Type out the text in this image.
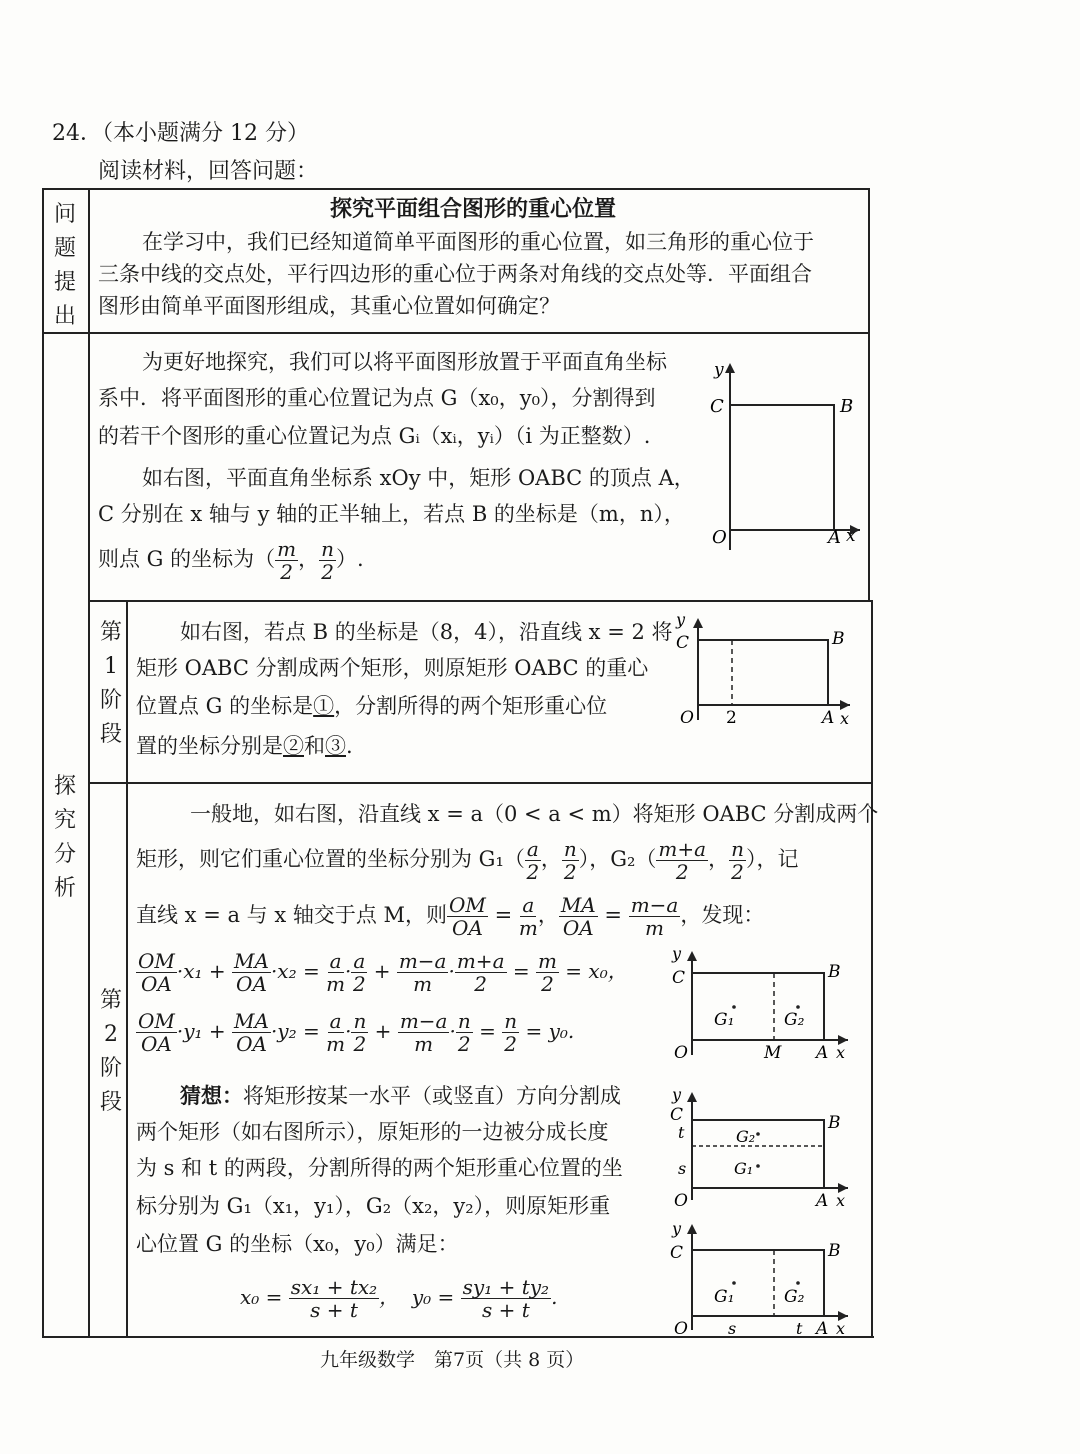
24．（本小题满分 12 分）
阅读材料，回答问题：
问
题
提
出
探究平面组合图形的重心位置
在学习中，我们已经知道简单平面图形的重心位置，如三角形的重心位于
三条中线的交点处，平行四边形的重心位于两条对角线的交点处等．平面组合
图形由简单平面图形组成，其重心位置如何确定？
探
究
分
析
为更好地探究，我们可以将平面图形放置于平面直角坐标
系中．将平面图形的重心位置记为点 G（x₀，y₀），分割得到
的若干个图形的重心位置记为点 Gᵢ（xᵢ，yᵢ）（i 为正整数）.
如右图，平面直角坐标系 xOy 中，矩形 OABC 的顶点 A，
C 分别在 x 轴与 y 轴的正半轴上，若点 B 的坐标是（m，n），
则点 G 的坐标为（ $\frac{m}{2}$ ， $\frac{n}{2}$ ）.
y
C	B
O	A x
第
1
阶
段
如右图，若点 B 的坐标是（8，4），沿直线 x = 2 将
矩形 OABC 分割成两个矩形，则原矩形 OABC 的重心
位置点 G 的坐标是①，分割所得的两个矩形重心位
置的坐标分别是②和③.
y
C	B
O 2	A x
第
2
阶
段
一般地，如右图，沿直线 x = a（0 < a < m）将矩形 OABC 分割成两个
矩形，则它们重心位置的坐标分别为 $G_1( \frac{a}{2}$ ， $\frac{n}{2}$ ），$G_2( \frac{m+a}{2}$ ， $\frac{n}{2}$ ），记
直线 x = a 与 x 轴交于点 M，则 $\frac{OM}{OA} = \frac{a}{m}$ ， $\frac{MA}{OA} = \frac{m-a}{m}$ ，发现：
$\frac{OM}{OA} \cdot x_1 + \frac{MA}{OA} \cdot x_2 = \frac{a}{m} \cdot \frac{a}{2} + \frac{m-a}{m} \cdot \frac{m+a}{2} = \frac{m}{2} = x_0$，
$\frac{OM}{OA} \cdot y_1 + \frac{MA}{OA} \cdot y_2 = \frac{a}{m} \cdot \frac{n}{2} + \frac{m-a}{m} \cdot \frac{n}{2} = \frac{n}{2} = y_0$.
猜想：将矩形按某一水平（或竖直）方向分割成
两个矩形（如右图所示），原矩形的一边被分成长度
为 s 和 t 的两段，分割所得的两个矩形重心位置的坐
标分别为 G₁（x₁，y₁），G₂（x₂，y₂），则原矩形重
心位置 G 的坐标（x₀，y₀）满足：
$x_0 = \frac{\text{sx₁ + tx₂}}{s + t}$ ，  $y_0 = \frac{\text{sy₁ + ty₂}}{s + t}$ .
y
C	B
G₁	G₂
O	M A x
y
C
t
s
B
G₂
G₁
O	A x
y
C	B
G₁	G₂
O	s	t A x
九年级数学　第7页（共 8 页）
